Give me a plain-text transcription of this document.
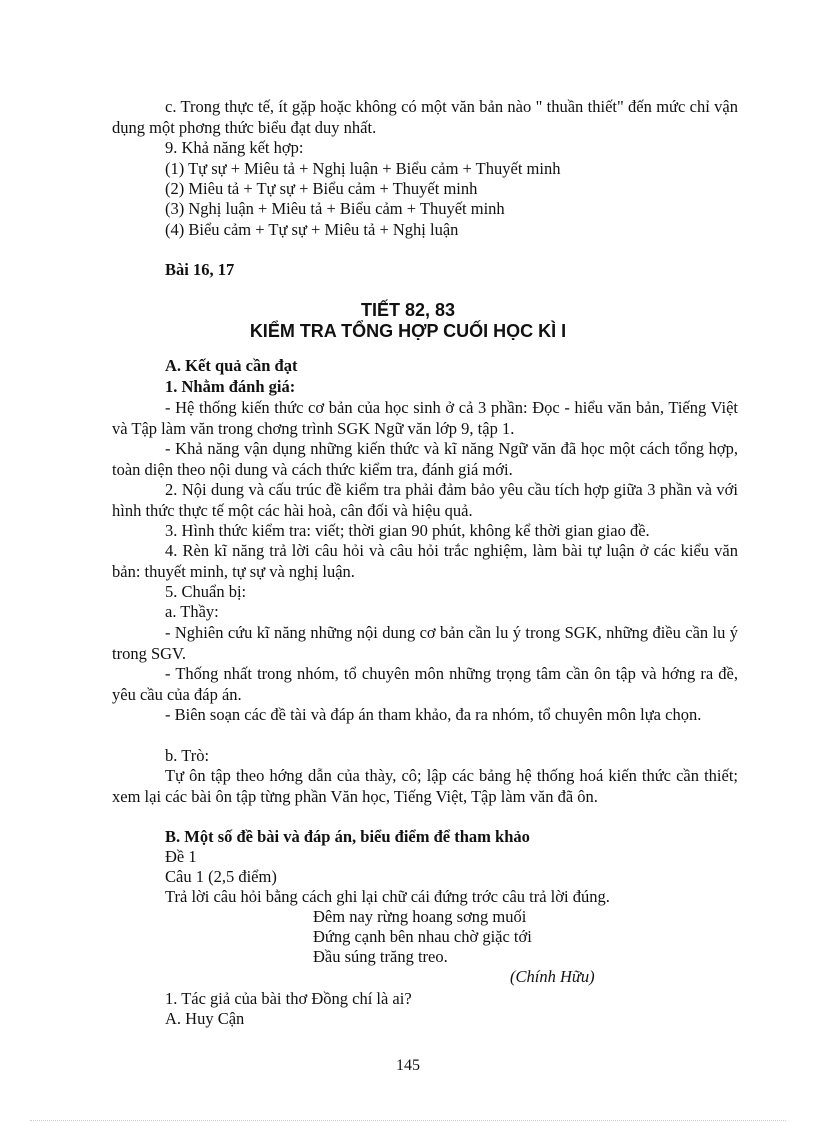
c. Trong thực tế, ít gặp hoặc không có một văn bản nào " thuần thiết" đến mức chỉ vận dụng một phơng thức biểu đạt duy nhất.
9. Khả năng kết hợp:
(1) Tự sự + Miêu tả + Nghị luận + Biểu cảm + Thuyết minh
(2) Miêu tả + Tự sự + Biểu cảm + Thuyết minh
(3) Nghị luận + Miêu tả + Biểu cảm + Thuyết minh
(4) Biểu cảm + Tự sự + Miêu tả + Nghị luận
Bài 16, 17
TIẾT 82, 83
KIỂM TRA TỔNG HỢP CUỐI HỌC KÌ I
A. Kết quả cần đạt
1. Nhằm đánh giá:
- Hệ thống kiến thức cơ bản của học sinh ở cả 3 phần: Đọc - hiểu văn bản, Tiếng Việt và Tập làm văn trong chơng trình SGK Ngữ văn lớp 9, tập 1.
- Khả năng vận dụng những kiến thức và kĩ năng Ngữ văn đã học một cách tổng hợp, toàn diện theo nội dung và cách thức kiểm tra, đánh giá mới.
2. Nội dung và cấu trúc đề kiểm tra phải đảm bảo yêu cầu tích hợp giữa 3 phần và với hình thức thực tế một các hài hoà, cân đối và hiệu quả.
3. Hình thức kiểm tra: viết; thời gian 90 phút, không kể thời gian giao đề.
4. Rèn kĩ năng trả lời câu hỏi và câu hỏi trắc nghiệm, làm bài tự luận ở các kiểu văn bản: thuyết minh, tự sự và nghị luận.
5. Chuẩn bị:
a. Thầy:
- Nghiên cứu kĩ năng những nội dung cơ bản cần lu ý trong SGK, những điều cần lu ý trong SGV.
- Thống nhất trong nhóm, tổ chuyên môn những trọng tâm cần ôn tập và hớng ra đề, yêu cầu của đáp án.
- Biên soạn các đề tài và đáp án tham khảo, đa ra nhóm, tổ chuyên môn lựa chọn.
b. Trò:
Tự ôn tập theo hớng dẫn của thày, cô; lập các bảng hệ thống hoá kiến thức cần thiết; xem lại các bài ôn tập từng phần Văn học, Tiếng Việt, Tập làm văn đã ôn.
B. Một số đề bài và đáp án, biểu điểm để tham khảo
Đề 1
Câu 1 (2,5 điểm)
Trả lời câu hỏi bằng cách ghi lại chữ cái đứng trớc câu trả lời đúng.
Đêm nay rừng hoang sơng muối
Đứng cạnh bên nhau chờ giặc tới
Đầu súng trăng treo.
(Chính Hữu)
1. Tác giả của bài thơ Đồng chí là ai?
A. Huy Cận
145
